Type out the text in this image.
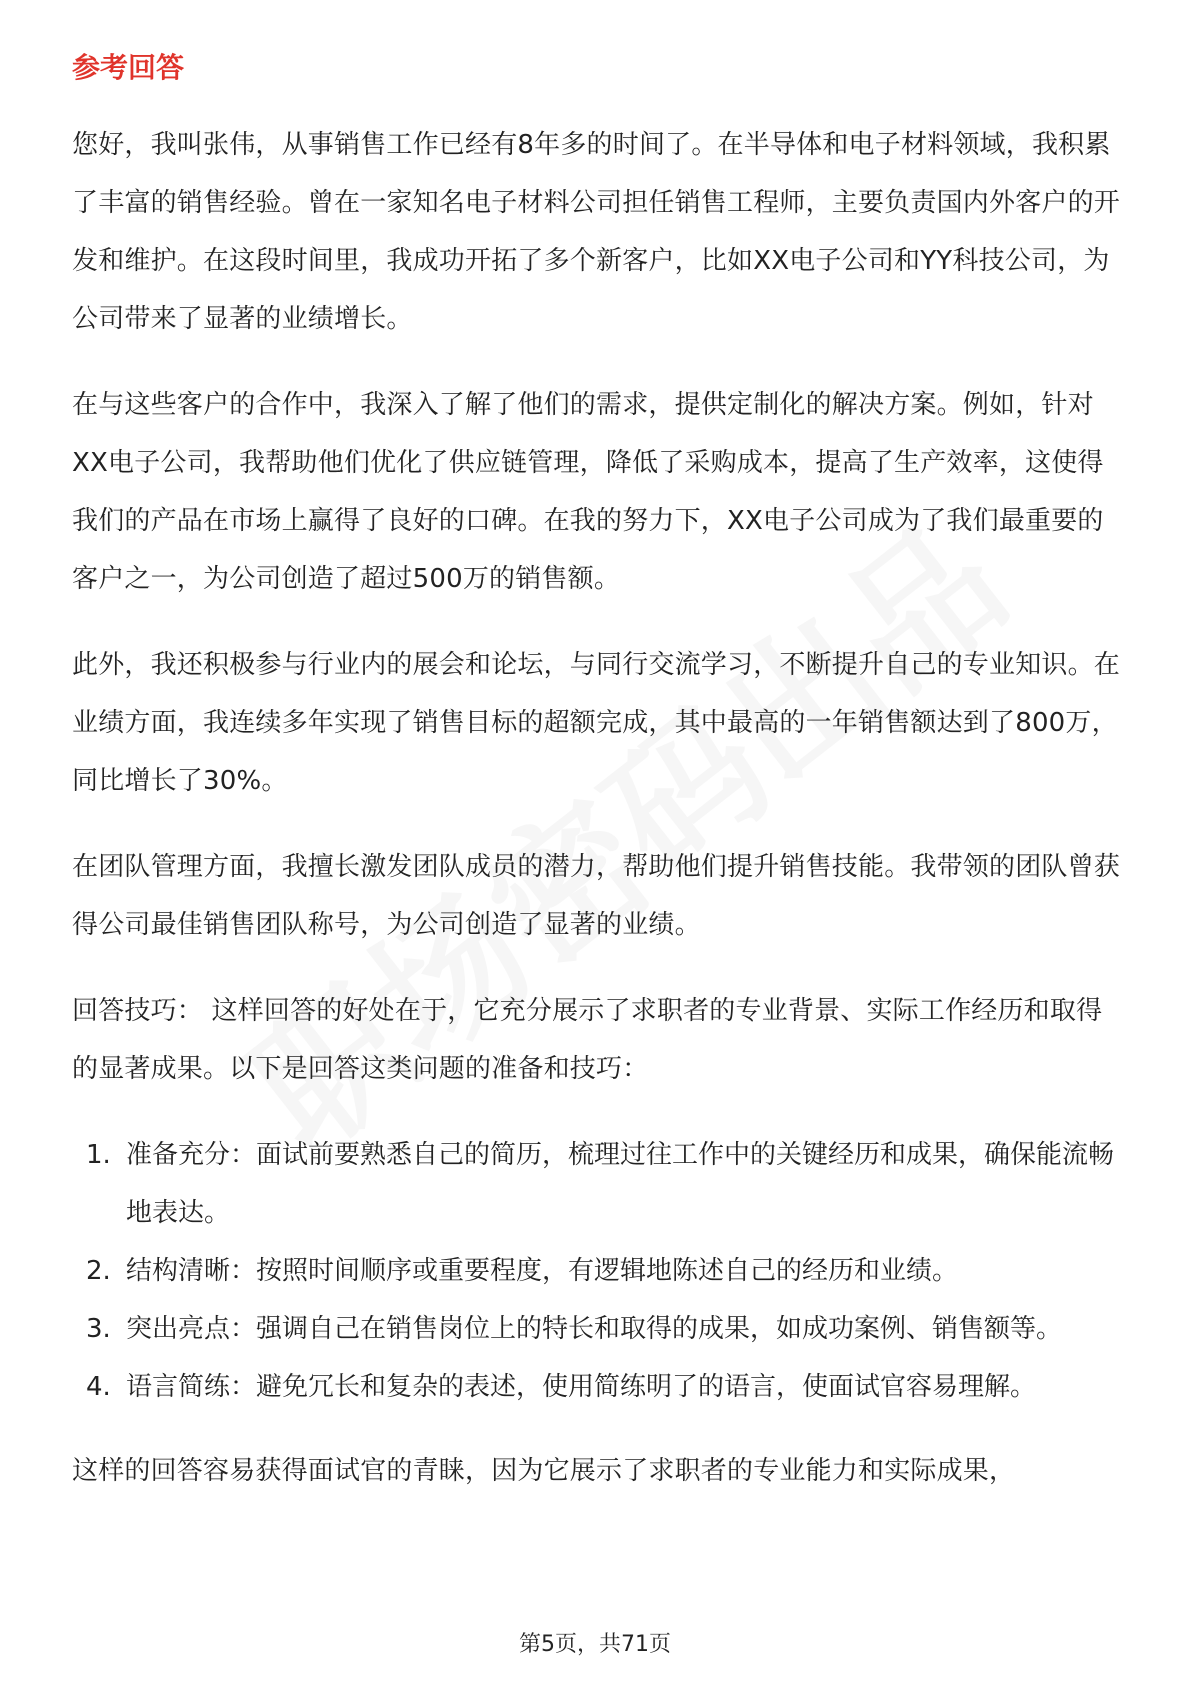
参考回答

您好，我叫张伟，从事销售工作已经有8年多的时间了。在半导体和电子材料领域，我积累了丰富的销售经验。曾在一家知名电子材料公司担任销售工程师，主要负责国内外客户的开发和维护。在这段时间里，我成功开拓了多个新客户，比如XX电子公司和YY科技公司，为公司带来了显著的业绩增长。

在与这些客户的合作中，我深入了解了他们的需求，提供定制化的解决方案。例如，针对XX电子公司，我帮助他们优化了供应链管理，降低了采购成本，提高了生产效率，这使得我们的产品在市场上赢得了良好的口碑。在我的努力下，XX电子公司成为了我们最重要的客户之一，为公司创造了超过500万的销售额。

此外，我还积极参与行业内的展会和论坛，与同行交流学习，不断提升自己的专业知识。在业绩方面，我连续多年实现了销售目标的超额完成，其中最高的一年销售额达到了800万，同比增长了30%。

在团队管理方面，我擅长激发团队成员的潜力，帮助他们提升销售技能。我带领的团队曾获得公司最佳销售团队称号，为公司创造了显著的业绩。

回答技巧： 这样回答的好处在于，它充分展示了求职者的专业背景、实际工作经历和取得的显著成果。以下是回答这类问题的准备和技巧：

1. 准备充分：面试前要熟悉自己的简历，梳理过往工作中的关键经历和成果，确保能流畅地表达。
2. 结构清晰：按照时间顺序或重要程度，有逻辑地陈述自己的经历和业绩。
3. 突出亮点：强调自己在销售岗位上的特长和取得的成果，如成功案例、销售额等。
4. 语言简练：避免冗长和复杂的表述，使用简练明了的语言，使面试官容易理解。

这样的回答容易获得面试官的青睐，因为它展示了求职者的专业能力和实际成果，

第5页，共71页
